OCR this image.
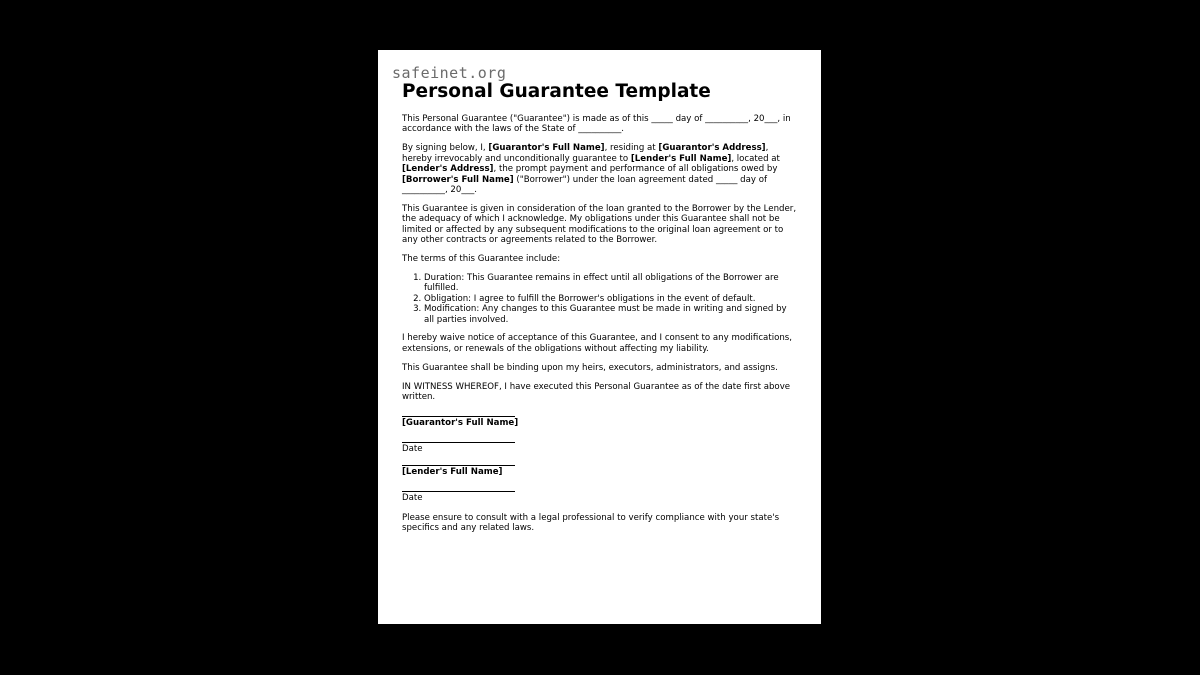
safeinet.org
Personal Guarantee Template

This Personal Guarantee ("Guarantee") is made as of this _____ day of __________, 20___, in accordance with the laws of the State of __________.

By signing below, I, [Guarantor's Full Name], residing at [Guarantor's Address], hereby irrevocably and unconditionally guarantee to [Lender's Full Name], located at [Lender's Address], the prompt payment and performance of all obligations owed by [Borrower's Full Name] ("Borrower") under the loan agreement dated _____ day of __________, 20___.

This Guarantee is given in consideration of the loan granted to the Borrower by the Lender, the adequacy of which I acknowledge. My obligations under this Guarantee shall not be limited or affected by any subsequent modifications to the original loan agreement or to any other contracts or agreements related to the Borrower.

The terms of this Guarantee include:

1. Duration: This Guarantee remains in effect until all obligations of the Borrower are fulfilled.
2. Obligation: I agree to fulfill the Borrower's obligations in the event of default.
3. Modification: Any changes to this Guarantee must be made in writing and signed by all parties involved.

I hereby waive notice of acceptance of this Guarantee, and I consent to any modifications, extensions, or renewals of the obligations without affecting my liability.

This Guarantee shall be binding upon my heirs, executors, administrators, and assigns.

IN WITNESS WHEREOF, I have executed this Personal Guarantee as of the date first above written.

[Guarantor's Full Name]
Date
[Lender's Full Name]
Date

Please ensure to consult with a legal professional to verify compliance with your state's specifics and any related laws.
